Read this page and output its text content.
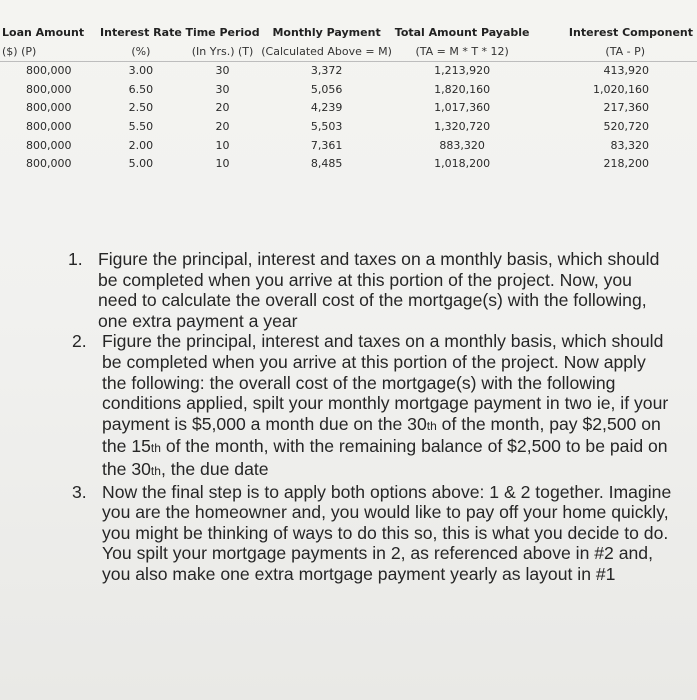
Loan Amount	Interest Rate	Time Period	Monthly Payment	Total Amount Payable	Interest Component
($) (P)	(%)	(In Yrs.) (T)	(Calculated Above = M)	(TA = M * T * 12)	(TA - P)
800,000	3.00	30	3,372	1,213,920	413,920
800,000	6.50	30	5,056	1,820,160	1,020,160
800,000	2.50	20	4,239	1,017,360	217,360
800,000	5.50	20	5,503	1,320,720	520,720
800,000	2.00	10	7,361	883,320	83,320
800,000	5.00	10	8,485	1,018,200	218,200
1. Figure the principal, interest and taxes on a monthly basis, which should be completed when you arrive at this portion of the project. Now, you need to calculate the overall cost of the mortgage(s) with the following, one extra payment a year
2. Figure the principal, interest and taxes on a monthly basis, which should be completed when you arrive at this portion of the project. Now apply the following: the overall cost of the mortgage(s) with the following conditions applied, spilt your monthly mortgage payment in two ie, if your payment is $5,000 a month due on the 30th of the month, pay $2,500 on the 15th of the month, with the remaining balance of $2,500 to be paid on the 30th, the due date
3. Now the final step is to apply both options above: 1 & 2 together. Imagine you are the homeowner and, you would like to pay off your home quickly, you might be thinking of ways to do this so, this is what you decide to do. You spilt your mortgage payments in 2, as referenced above in #2 and, you also make one extra mortgage payment yearly as layout in #1
